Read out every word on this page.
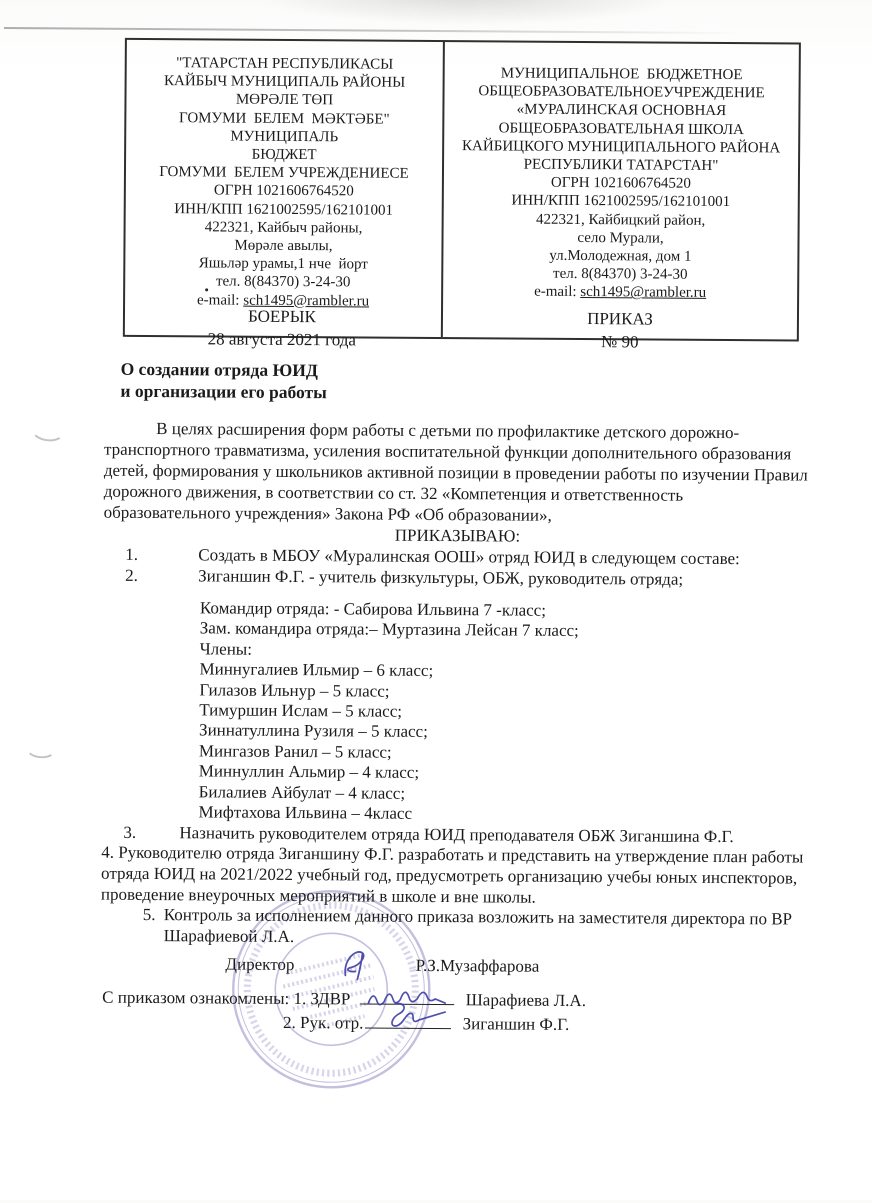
"ТАТАРСТАН РЕСПУБЛИКАСЫ
КАЙБЫЧ МУНИЦИПАЛЬ РАЙОНЫ
МӨРӘЛЕ ТӨП
ГОМУМИ  БЕЛЕМ  МӘКТӘБЕ" МУНИЦИПАЛЬ
БЮДЖЕТ
ГОМУМИ  БЕЛЕМ УЧРЕЖДЕНИЕСЕ
ОГРН 1021606764520
ИНН/КПП 1621002595/162101001
422321, Кайбыч районы,
Мөрәле авылы,
Яшьләр урамы,1 нче  йорт
тел. 8(84370) 3-24-30
e-mail: sch1495@rambler.ru
МУНИЦИПАЛЬНОЕ  БЮДЖЕТНОЕ
ОБЩЕОБРАЗОВАТЕЛЬНОЕУЧРЕЖДЕНИЕ
«МУРАЛИНСКАЯ ОСНОВНАЯ
ОБЩЕОБРАЗОВАТЕЛЬНАЯ ШКОЛА
КАЙБИЦКОГО МУНИЦИПАЛЬНОГО РАЙОНА
РЕСПУБЛИКИ ТАТАРСТАН"
ОГРН 1021606764520
ИНН/КПП 1621002595/162101001
422321, Кайбицкий район,
село Мурали,
ул.Молодежная, дом 1
тел. 8(84370) 3-24-30
e-mail: sch1495@rambler.ru
БОЕРЫК
28 августа 2021 года
ПРИКАЗ
№ 90
О создании отряда ЮИД
и организации его работы
В целях расширения форм работы с детьми по профилактике детского дорожно-транспортного травматизма, усиления воспитательной функции дополнительного образования детей, формирования у школьников активной позиции в проведении работы по изучении Правил дорожного движения, в соответствии со ст. 32 «Компетенция и ответственность образовательного учреждения» Закона РФ «Об образовании»,
ПРИКАЗЫВАЮ:
1.	Создать в МБОУ «Муралинская ООШ» отряд ЮИД в следующем составе:
2.	Зиганшин Ф.Г. - учитель физкультуры, ОБЖ, руководитель отряда;
Командир отряда: - Сабирова Ильвина 7 -класс;
Зам. командира отряда:– Муртазина Лейсан 7 класс;
Члены:
Миннугалиев Ильмир – 6 класс;
Гилазов Ильнур – 5 класс;
Тимуршин Ислам – 5 класс;
Зиннатуллина Рузиля – 5 класс;
Мингазов Ранил – 5 класс;
Миннуллин Альмир – 4 класс;
Билалиев Айбулат – 4 класс;
Мифтахова Ильвина – 4класс
3.	Назначить руководителем отряда ЮИД преподавателя ОБЖ Зиганшина Ф.Г.
4. Руководителю отряда Зиганшину Ф.Г. разработать и представить на утверждение план работы отряда ЮИД на 2021/2022 учебный год, предусмотреть организацию учебы юных инспекторов, проведение внеурочных мероприятий в школе и вне школы.
5. Контроль за исполнением данного приказа возложить на заместителя директора по ВР Шарафиевой Л.А.
Директор	Р.З.Музаффарова
С приказом ознакомлены: 1. ЗДВР	Шарафиева Л.А.
2. Рук. отр.	Зиганшин Ф.Г.
